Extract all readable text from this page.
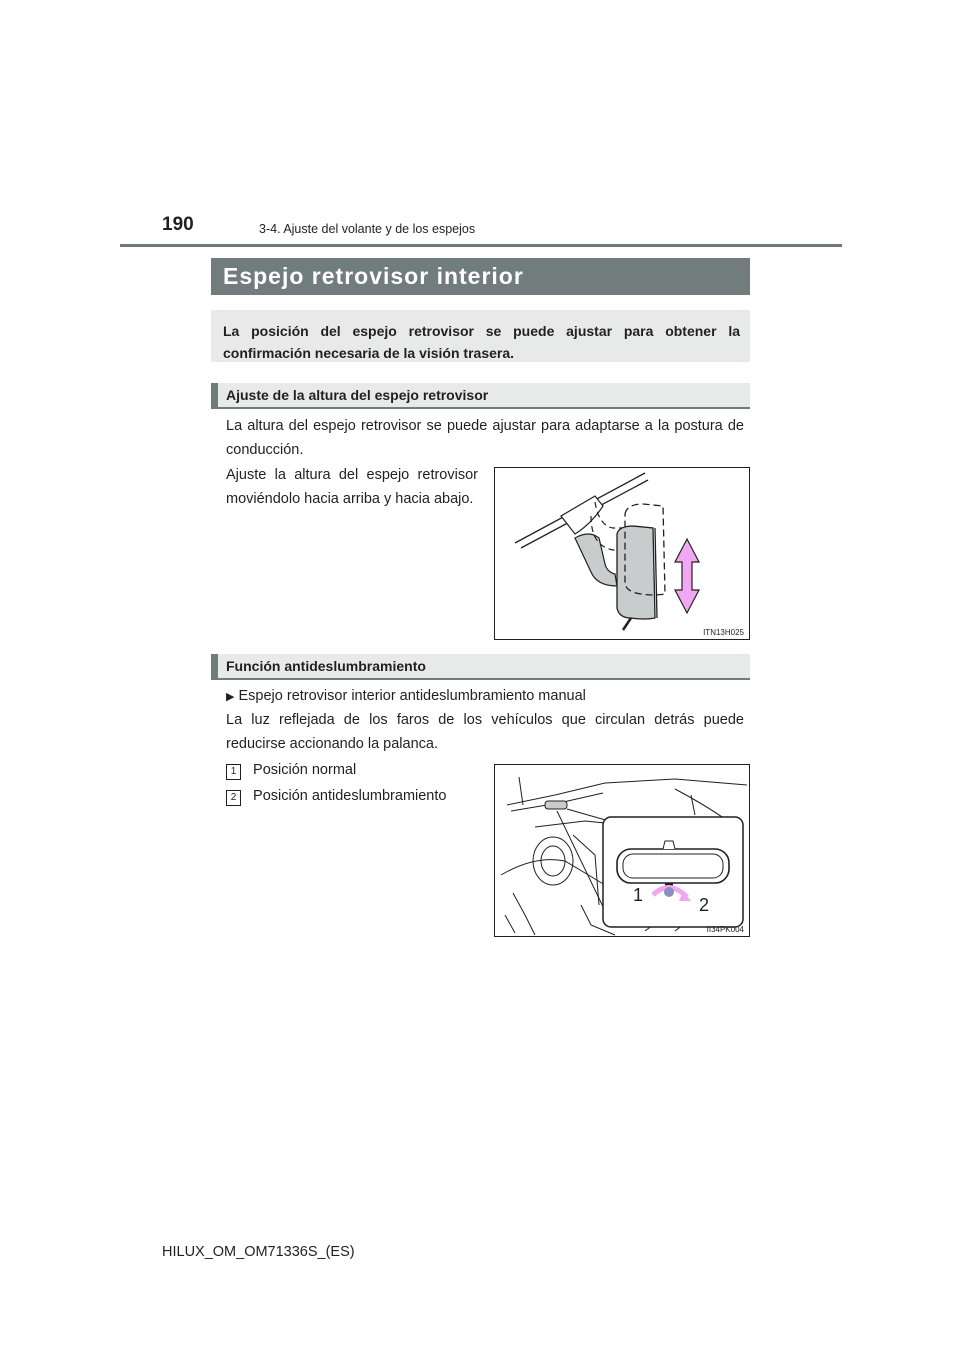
190	3-4. Ajuste del volante y de los espejos
Espejo retrovisor interior
La posición del espejo retrovisor se puede ajustar para obtener la confirmación necesaria de la visión trasera.
Ajuste de la altura del espejo retrovisor
La altura del espejo retrovisor se puede ajustar para adaptarse a la postura de conducción.
Ajuste la altura del espejo retrovisor moviéndolo hacia arriba y hacia abajo.
ITN13H025
Función antideslumbramiento
▶ Espejo retrovisor interior antideslumbramiento manual
La luz reflejada de los faros de los vehículos que circulan detrás puede reducirse accionando la palanca.
1 Posición normal
2 Posición antideslumbramiento
1	2
II34PK004
HILUX_OM_OM71336S_(ES)
